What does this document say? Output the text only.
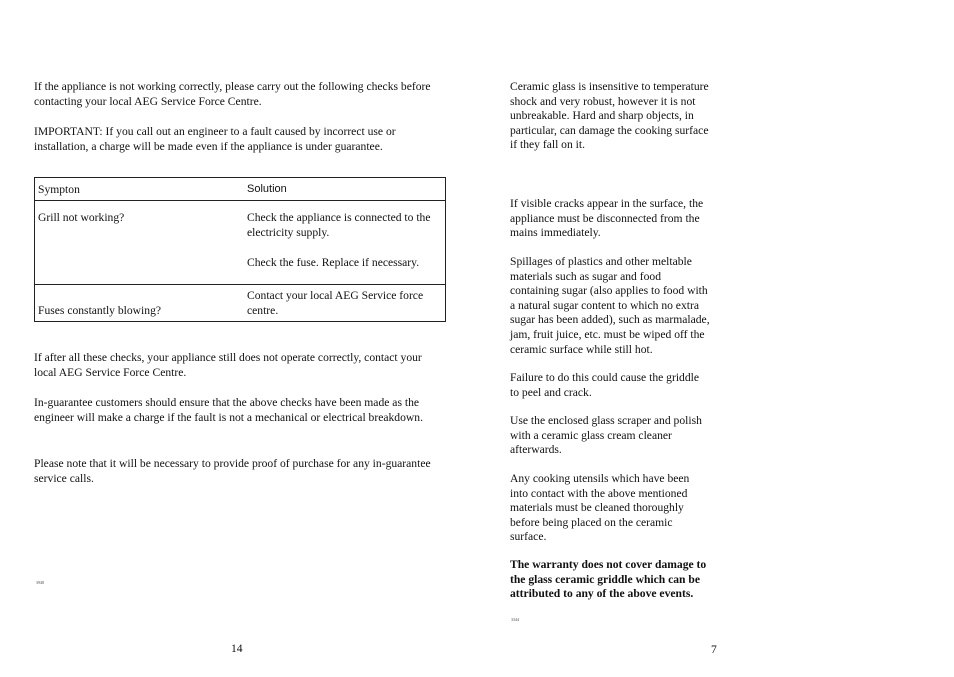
If the appliance is not working correctly, please carry out the following checks before contacting your local AEG Service Force Centre.

IMPORTANT: If you call out an engineer to a fault caused by incorrect use or installation, a charge will be made even if the appliance is under guarantee.

Sympton	Solution
Grill not working?	Check the appliance is connected to the electricity supply.
Check the fuse. Replace if necessary.

Fuses constantly blowing?	Contact your local AEG Service force centre.

If after all these checks, your appliance still does not operate correctly, contact your local AEG Service Force Centre.

In-guarantee customers should ensure that the above checks have been made as the engineer will make a charge if the fault is not a mechanical or electrical breakdown.

Please note that it will be necessary to provide proof of purchase for any in-guarantee service calls.

3948
14

Ceramic glass is insensitive to temperature shock and very robust, however it is not unbreakable. Hard and sharp objects, in particular, can damage the cooking surface if they fall on it.

If visible cracks appear in the surface, the appliance must be disconnected from the mains immediately.

Spillages of plastics and other meltable materials such as sugar and food containing sugar (also applies to food with a natural sugar content to which no extra sugar has been added), such as marmalade, jam, fruit juice, etc. must be wiped off the ceramic surface while still hot.

Failure to do this could cause the griddle to peel and crack.

Use the enclosed glass scraper and polish with a ceramic glass cream cleaner afterwards.

Any cooking utensils which have been into contact with the above mentioned materials must be cleaned thoroughly before being placed on the ceramic surface.

The warranty does not cover damage to the glass ceramic griddle which can be attributed to any of the above events.

3344
7
